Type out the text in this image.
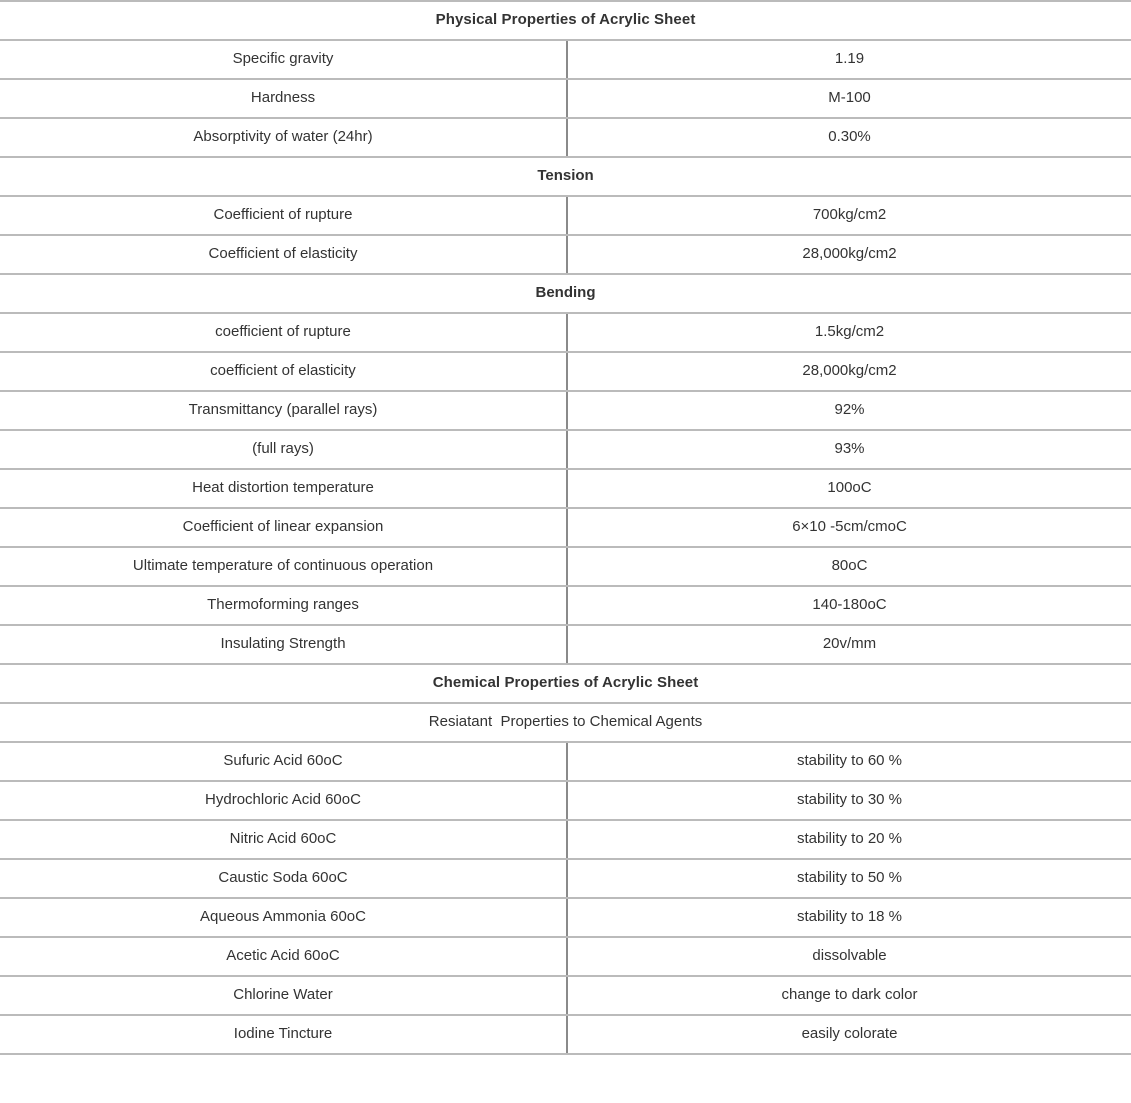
Physical Properties of Acrylic Sheet	
Specific gravity	1.19
Hardness	M-100
Absorptivity of water (24hr)	0.30%
Tension	
Coefficient of rupture	700kg/cm2
Coefficient of elasticity	28,000kg/cm2
Bending	
coefficient of rupture	1.5kg/cm2
coefficient of elasticity	28,000kg/cm2
Transmittancy (parallel rays)	92%
(full rays)	93%
Heat distortion temperature	100oC
Coefficient of linear expansion	6×10 -5cm/cmoC
Ultimate temperature of continuous operation	80oC
Thermoforming ranges	140-180oC
Insulating Strength	20v/mm
Chemical Properties of Acrylic Sheet	
Resiatant  Properties to Chemical Agents	
Sufuric Acid 60oC	stability to 60 %
Hydrochloric Acid 60oC	stability to 30 %
Nitric Acid 60oC	stability to 20 %
Caustic Soda 60oC	stability to 50 %
Aqueous Ammonia 60oC	stability to 18 %
Acetic Acid 60oC	dissolvable
Chlorine Water	change to dark color
Iodine Tincture	easily colorate
